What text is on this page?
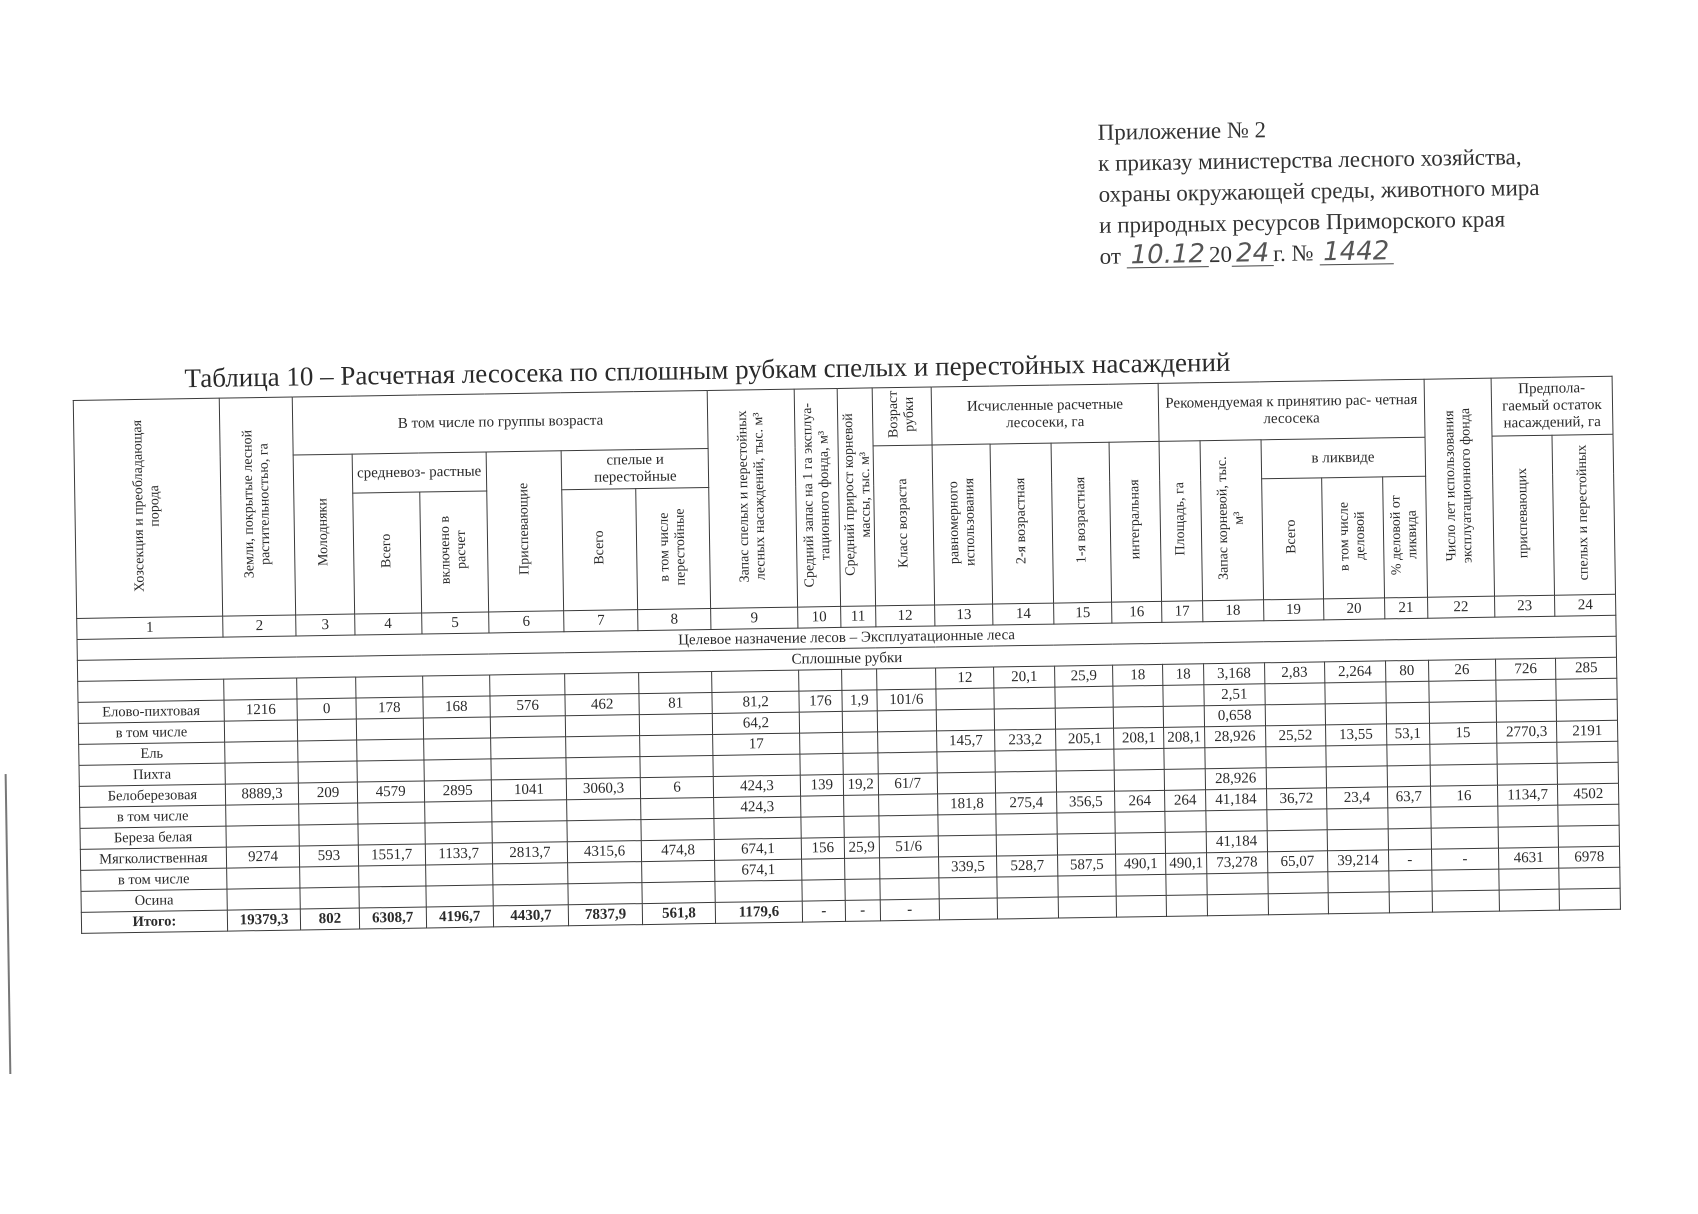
Приложение № 2
к приказу министерства лесного хозяйства,
охраны окружающей среды, животного мира
и природных ресурсов Приморского края
от 10.12 20 24 г. № 1442
Таблица 10 – Расчетная лесосека по сплошным рубкам спелых и перестойных насаждений
Хозсекция и преобладающая порода	Земли, покрытые лесной растительностью, га	В том числе по группы возраста						Запас спелых и перестойных лесных насаждений, тыс. м³	Средний запас на 1 га эксплуа- тационного фонда, м³	Средний прирост корневой массы, тыс. м³	Возраст рубки	Исчисленные расчетные лесосеки, га				Рекомендуемая к принятию рас- четная лесосека					Число лет использования эксплуатационного фонда	Предпола- гаемый остаток насаждений, га	
		Молодняки	средневоз- растные		Приспевающие	спелые и перестойные					Класс возраста	равномерного использования	2-я возрастная	1-я возрастная	интегральная	Площадь, га	Запас корневой, тыс. м³	в ликвиде				приспевающих	спелых и перестойных
			Всего	включено в расчет		Всего	в том числе перестойные											Всего	в том числе деловой	% деловой от ликвида			
1	2	3	4	5	6	7	8	9	10	11	12	13	14	15	16	17	18	19	20	21	22	23	24
Целевое назначение лесов – Эксплуатационные леса																							
Сплошные рубки																							
												12	20,1	25,9	18	18	3,168	2,83	2,264	80	26	726	285
Елово-пихтовая	1216	0	178	168	576	462	81	81,2	176	1,9	101/6						2,51						
в том числе								64,2									0,658						
Ель								17				145,7	233,2	205,1	208,1	208,1	28,926	25,52	13,55	53,1	15	2770,3	2191
Пихта																							
Белоберезовая	8889,3	209	4579	2895	1041	3060,3	6	424,3	139	19,2	61/7						28,926						
в том числе								424,3				181,8	275,4	356,5	264	264	41,184	36,72	23,4	63,7	16	1134,7	4502
Береза белая																							
Мягколиственная	9274	593	1551,7	1133,7	2813,7	4315,6	474,8	674,1	156	25,9	51/6						41,184						
в том числе								674,1				339,5	528,7	587,5	490,1	490,1	73,278	65,07	39,214	-	-	4631	6978
Осина																							
Итого:	19379,3	802	6308,7	4196,7	4430,7	7837,9	561,8	1179,6	-	-	-												
